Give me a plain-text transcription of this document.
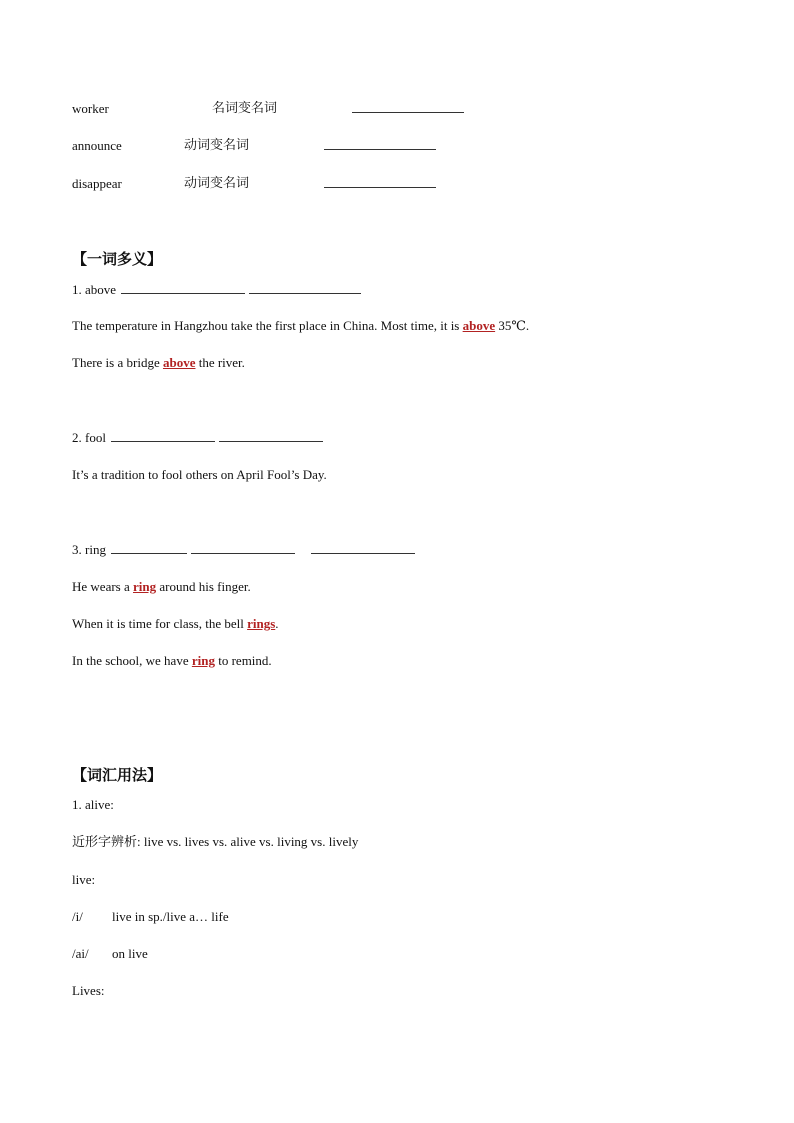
worker	名词变名词
announce	动词变名词
disappear	动词变名词
【一词多义】
1. above
The temperature in Hangzhou take the first place in China. Most time, it is above 35℃.
There is a bridge above the river.
2. fool
It’s a tradition to fool others on April Fool’s Day.
3. ring
He wears a ring around his finger.
When it is time for class, the bell rings.
In the school, we have ring to remind.
【词汇用法】
1. alive:
近形字辨析: live vs. lives vs. alive vs. living vs. lively
live:
/i/ live in sp./live a… life
/ai/ on live
Lives:
